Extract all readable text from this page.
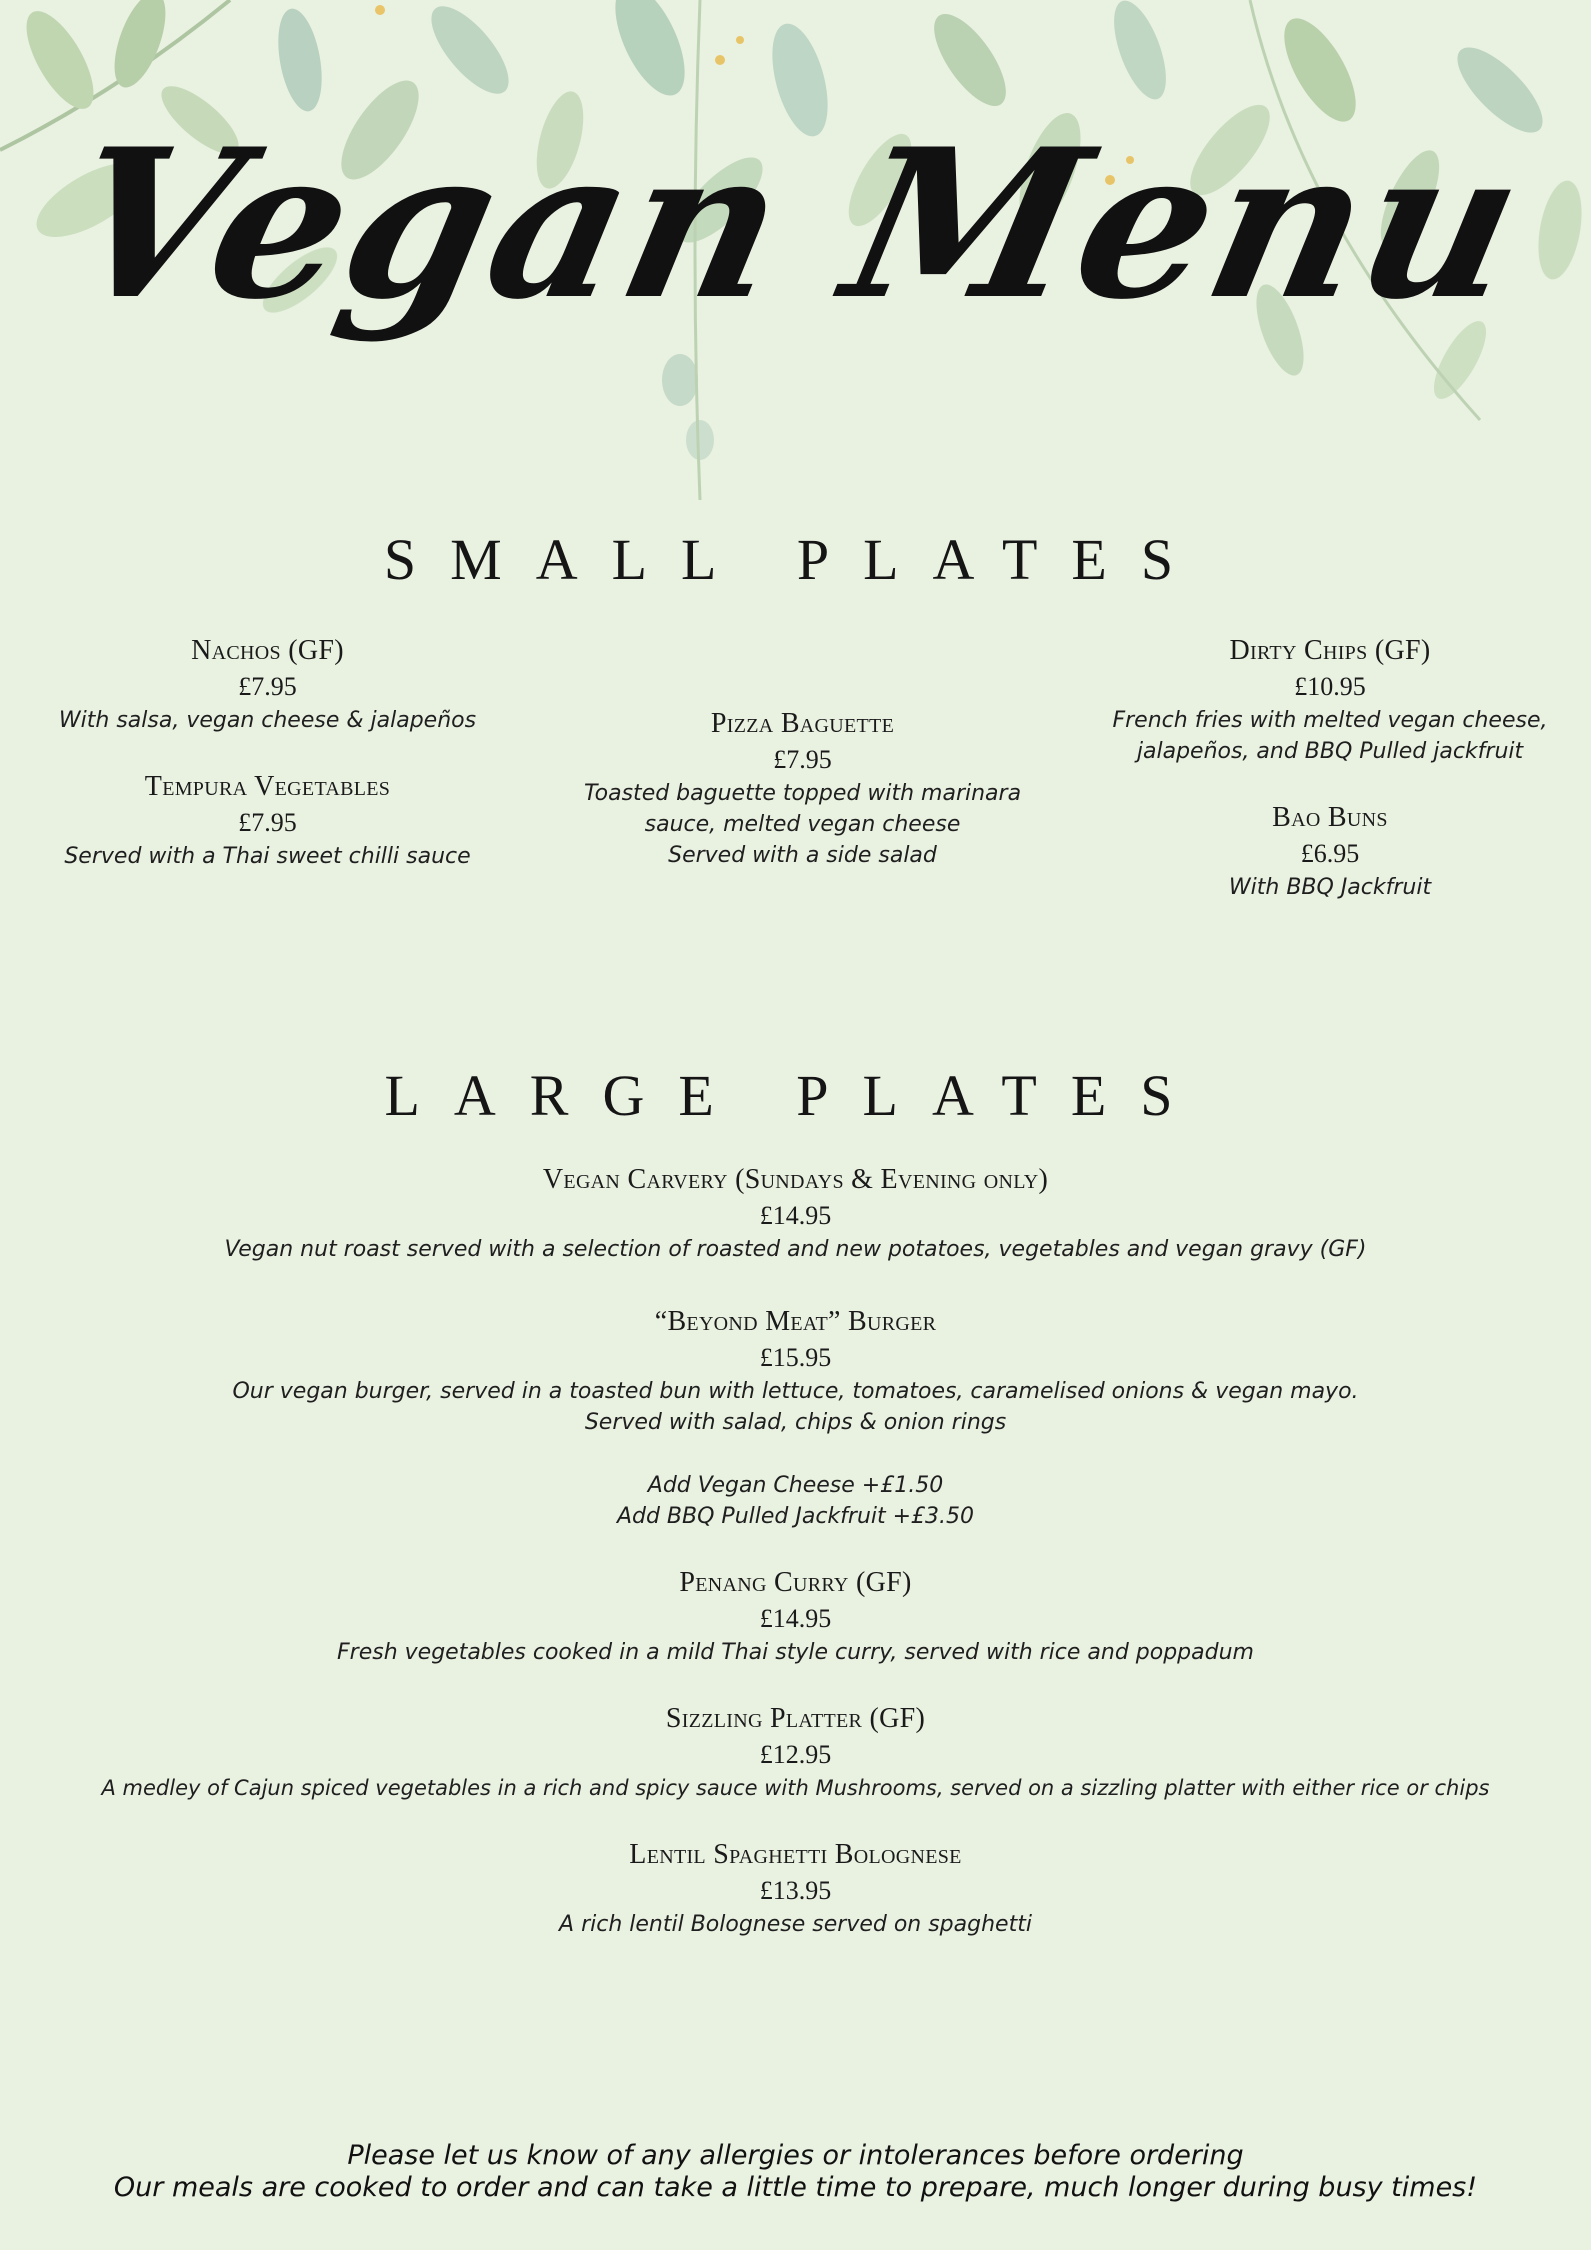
Vegan Menu
SMALL PLATES
Nachos (GF)
£7.95
With salsa, vegan cheese & jalapeños
Tempura Vegetables
£7.95
Served with a Thai sweet chilli sauce
Pizza Baguette
£7.95
Toasted baguette topped with marinara
sauce, melted vegan cheese
Served with a side salad
Dirty Chips (GF)
£10.95
French fries with melted vegan cheese,
jalapeños, and BBQ Pulled jackfruit
Bao Buns
£6.95
With BBQ Jackfruit
LARGE PLATES
Vegan Carvery (Sundays & Evening only)
£14.95
Vegan nut roast served with a selection of roasted and new potatoes, vegetables and vegan gravy (GF)
“Beyond Meat” Burger
£15.95
Our vegan burger, served in a toasted bun with lettuce, tomatoes, caramelised onions & vegan mayo.
Served with salad, chips & onion rings
Add Vegan Cheese +£1.50
Add BBQ Pulled Jackfruit +£3.50
Penang Curry (GF)
£14.95
Fresh vegetables cooked in a mild Thai style curry, served with rice and poppadum
Sizzling Platter (GF)
£12.95
A medley of Cajun spiced vegetables in a rich and spicy sauce with Mushrooms, served on a sizzling platter with either rice or chips
Lentil Spaghetti Bolognese
£13.95
A rich lentil Bolognese served on spaghetti
Please let us know of any allergies or intolerances before ordering
Our meals are cooked to order and can take a little time to prepare, much longer during busy times!
